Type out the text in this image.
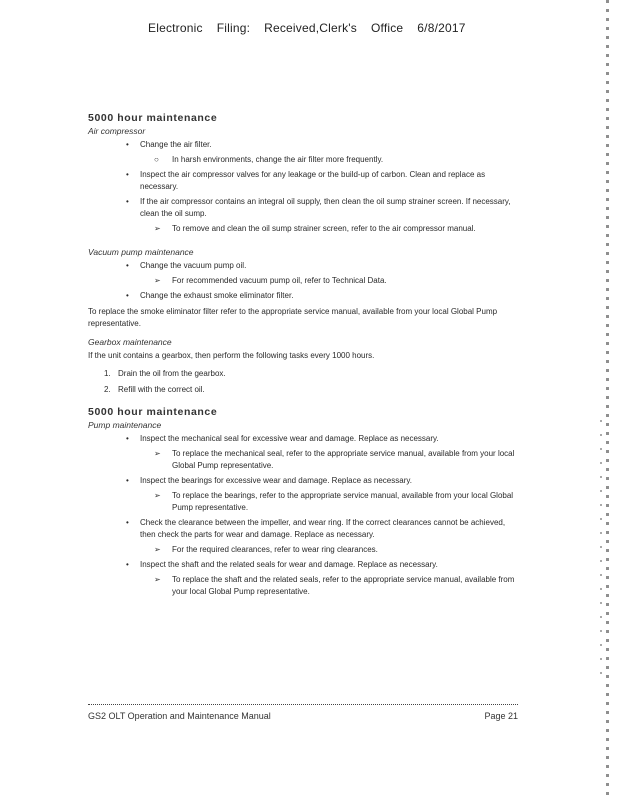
Electronic Filing: Received,Clerk's Office 6/8/2017
5000 hour maintenance
Air compressor
• Change the air filter.
○ In harsh environments, change the air filter more frequently.
• Inspect the air compressor valves for any leakage or the build-up of carbon. Clean and replace as necessary.
• If the air compressor contains an integral oil supply, then clean the oil sump strainer screen. If necessary, clean the oil sump.
➢ To remove and clean the oil sump strainer screen, refer to the air compressor manual.
Vacuum pump maintenance
• Change the vacuum pump oil.
➢ For recommended vacuum pump oil, refer to Technical Data.
• Change the exhaust smoke eliminator filter.
To replace the smoke eliminator filter refer to the appropriate service manual, available from your local Global Pump representative.
Gearbox maintenance
If the unit contains a gearbox, then perform the following tasks every 1000 hours.
1. Drain the oil from the gearbox.
2. Refill with the correct oil.
5000 hour maintenance
Pump maintenance
• Inspect the mechanical seal for excessive wear and damage. Replace as necessary.
➢ To replace the mechanical seal, refer to the appropriate service manual, available from your local Global Pump representative.
• Inspect the bearings for excessive wear and damage. Replace as necessary.
➢ To replace the bearings, refer to the appropriate service manual, available from your local Global Pump representative.
• Check the clearance between the impeller, and wear ring. If the correct clearances cannot be achieved, then check the parts for wear and damage. Replace as necessary.
➢ For the required clearances, refer to wear ring clearances.
• Inspect the shaft and the related seals for wear and damage. Replace as necessary.
➢ To replace the shaft and the related seals, refer to the appropriate service manual, available from your local Global Pump representative.
GS2 OLT Operation and Maintenance Manual	Page 21
